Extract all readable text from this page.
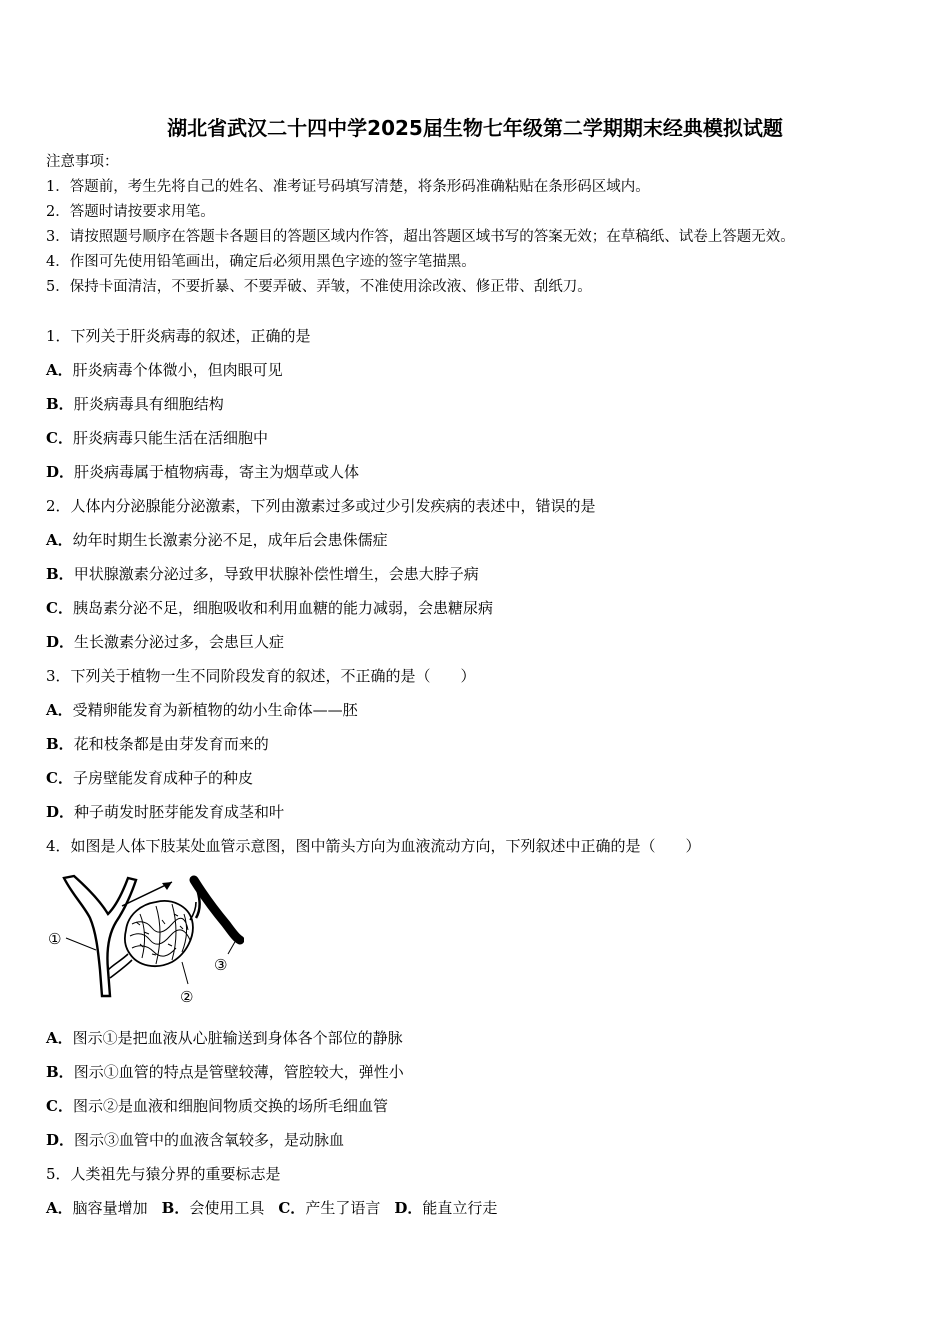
湖北省武汉二十四中学2025届生物七年级第二学期期末经典模拟试题
注意事项：
1．答题前，考生先将自己的姓名、准考证号码填写清楚，将条形码准确粘贴在条形码区域内。
2．答题时请按要求用笔。
3．请按照题号顺序在答题卡各题目的答题区域内作答，超出答题区域书写的答案无效；在草稿纸、试卷上答题无效。
4．作图可先使用铅笔画出，确定后必须用黑色字迹的签字笔描黑。
5．保持卡面清洁，不要折暴、不要弄破、弄皱，不准使用涂改液、修正带、刮纸刀。
1．下列关于肝炎病毒的叙述，正确的是
A．肝炎病毒个体微小，但肉眼可见
B．肝炎病毒具有细胞结构
C．肝炎病毒只能生活在活细胞中
D．肝炎病毒属于植物病毒，寄主为烟草或人体
2．人体内分泌腺能分泌激素，下列由激素过多或过少引发疾病的表述中，错误的是
A．幼年时期生长激素分泌不足，成年后会患侏儒症
B．甲状腺激素分泌过多，导致甲状腺补偿性增生，会患大脖子病
C．胰岛素分泌不足，细胞吸收和利用血糖的能力减弱，会患糖尿病
D．生长激素分泌过多，会患巨人症
3．下列关于植物一生不同阶段发育的叙述，不正确的是（　　）
A．受精卵能发育为新植物的幼小生命体——胚
B．花和枝条都是由芽发育而来的
C．子房壁能发育成种子的种皮
D．种子萌发时胚芽能发育成茎和叶
4．如图是人体下肢某处血管示意图，图中箭头方向为血液流动方向，下列叙述中正确的是（　　）
①
②
③
A．图示①是把血液从心脏输送到身体各个部位的静脉
B．图示①血管的特点是管壁较薄，管腔较大，弹性小
C．图示②是血液和细胞间物质交换的场所毛细血管
D．图示③血管中的血液含氧较多，是动脉血
5．人类祖先与猿分界的重要标志是
A．脑容量增加 B．会使用工具 C．产生了语言 D．能直立行走
